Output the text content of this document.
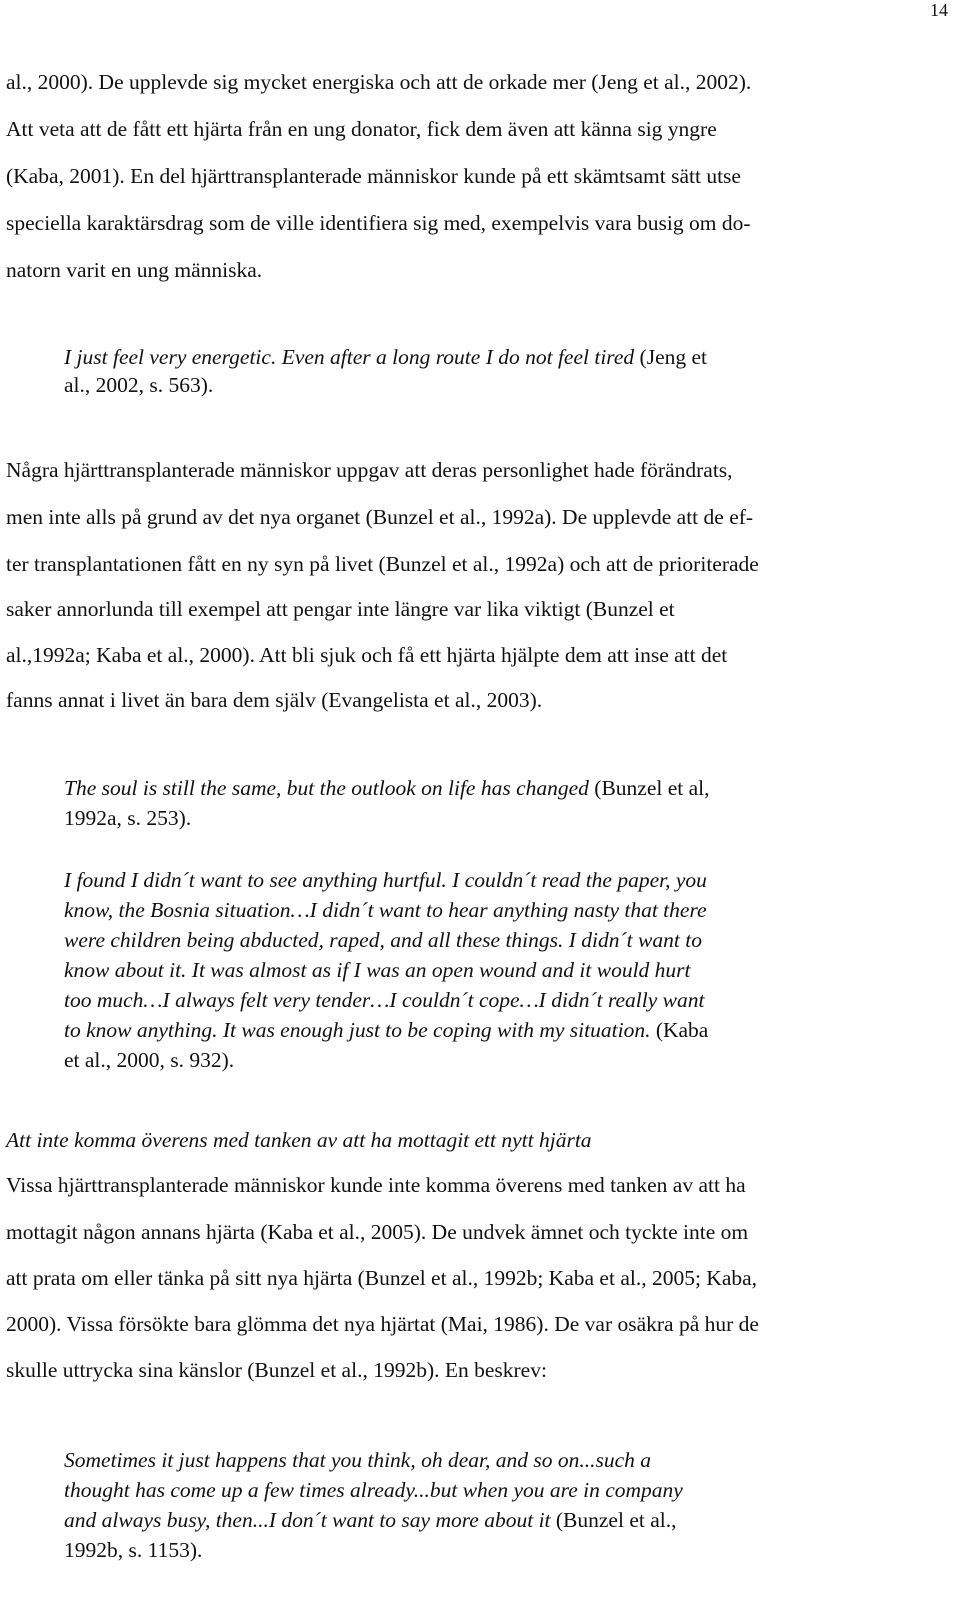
14
al., 2000). De upplevde sig mycket energiska och att de orkade mer (Jeng et al., 2002).
Att veta att de fått ett hjärta från en ung donator, fick dem även att känna sig yngre
(Kaba, 2001). En del hjärttransplanterade människor kunde på ett skämtsamt sätt utse
speciella karaktärsdrag som de ville identifiera sig med, exempelvis vara busig om do-
natorn varit en ung människa.
I just feel very energetic. Even after a long route I do not feel tired (Jeng et
al., 2002, s. 563).
Några hjärttransplanterade människor uppgav att deras personlighet hade förändrats,
men inte alls på grund av det nya organet (Bunzel et al., 1992a). De upplevde att de ef-
ter transplantationen fått en ny syn på livet (Bunzel et al., 1992a) och att de prioriterade
saker annorlunda till exempel att pengar inte längre var lika viktigt (Bunzel et
al.,1992a; Kaba et al., 2000). Att bli sjuk och få ett hjärta hjälpte dem att inse att det
fanns annat i livet än bara dem själv (Evangelista et al., 2003).
The soul is still the same, but the outlook on life has changed (Bunzel et al,
1992a, s. 253).
I found I didn´t want to see anything hurtful. I couldn´t read the paper, you
know, the Bosnia situation…I didn´t want to hear anything nasty that there
were children being abducted, raped, and all these things. I didn´t want to
know about it. It was almost as if I was an open wound and it would hurt
too much…I always felt very tender…I couldn´t cope…I didn´t really want
to know anything. It was enough just to be coping with my situation. (Kaba
et al., 2000, s. 932).
Att inte komma överens med tanken av att ha mottagit ett nytt hjärta
Vissa hjärttransplanterade människor kunde inte komma överens med tanken av att ha
mottagit någon annans hjärta (Kaba et al., 2005). De undvek ämnet och tyckte inte om
att prata om eller tänka på sitt nya hjärta (Bunzel et al., 1992b; Kaba et al., 2005; Kaba,
2000). Vissa försökte bara glömma det nya hjärtat (Mai, 1986). De var osäkra på hur de
skulle uttrycka sina känslor (Bunzel et al., 1992b). En beskrev:
Sometimes it just happens that you think, oh dear, and so on...such a
thought has come up a few times already...but when you are in company
and always busy, then...I don´t want to say more about it (Bunzel et al.,
1992b, s. 1153).
